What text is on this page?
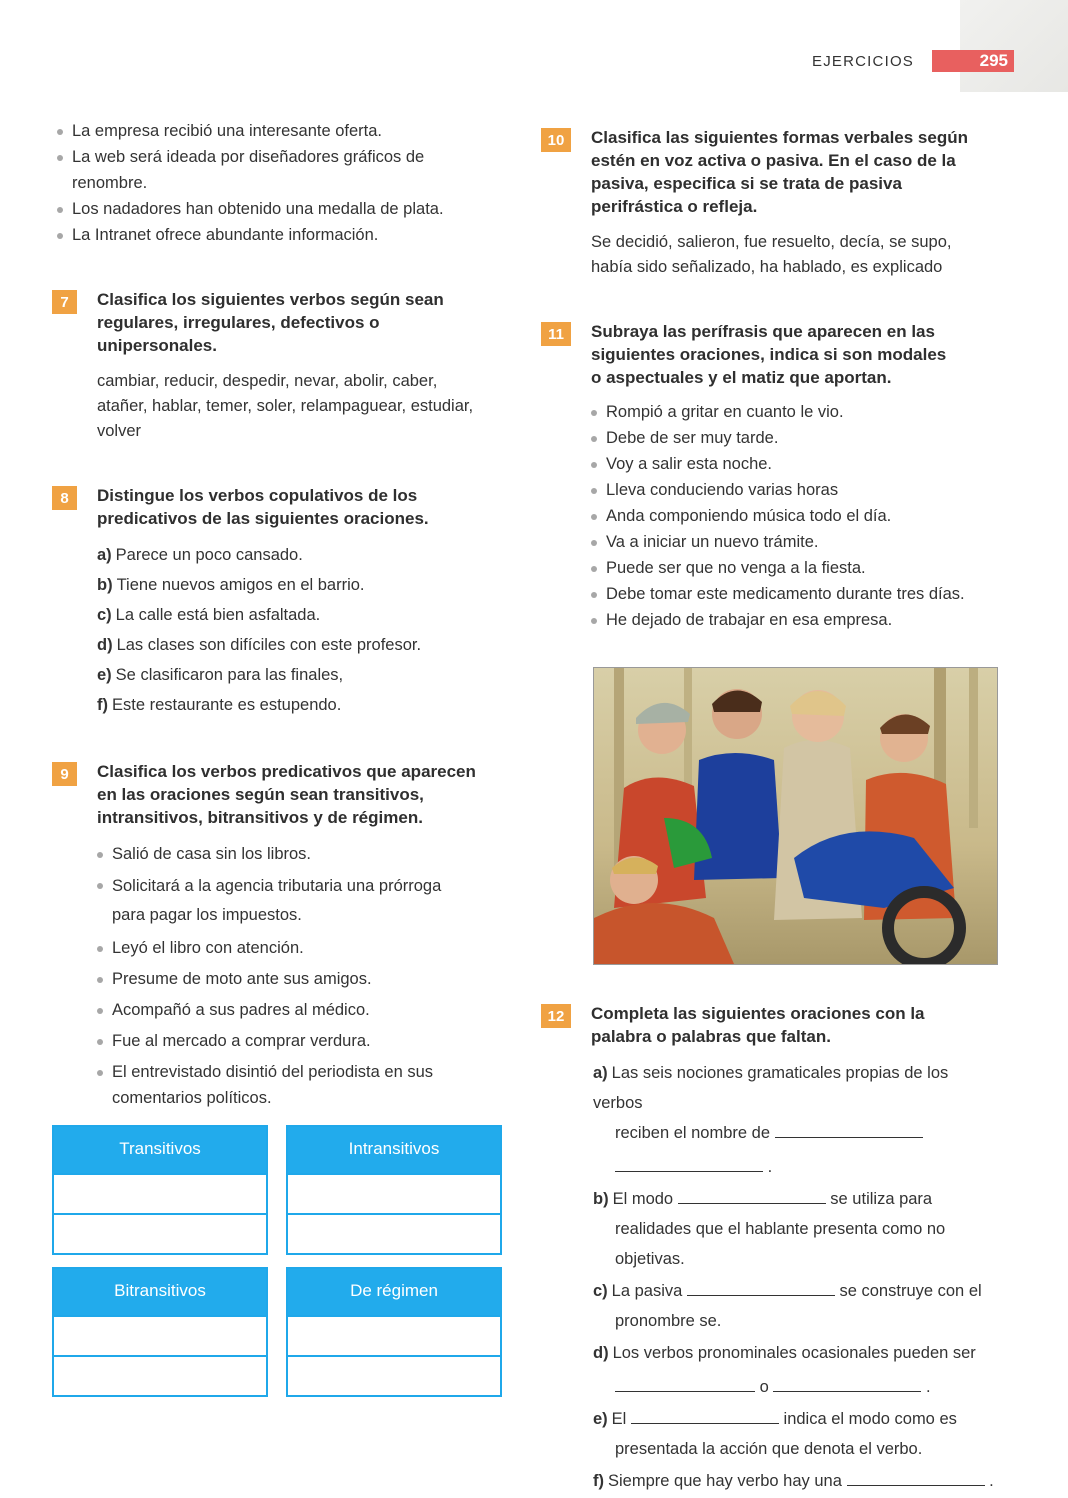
EJERCICIOS	295
La empresa recibió una interesante oferta.
La web será ideada por diseñadores gráficos de renombre.
Los nadadores han obtenido una medalla de plata.
La Intranet ofrece abundante información.
7	Clasifica los siguientes verbos según sean regulares, irregulares, defectivos o unipersonales.
cambiar, reducir, despedir, nevar, abolir, caber, atañer, hablar, temer, soler, relampaguear, estudiar, volver
8	Distingue los verbos copulativos de los predicativos de las siguientes oraciones.
a) Parece un poco cansado.
b) Tiene nuevos amigos en el barrio.
c) La calle está bien asfaltada.
d) Las clases son difíciles con este profesor.
e) Se clasificaron para las finales,
f) Este restaurante es estupendo.
9	Clasifica los verbos predicativos que aparecen en las oraciones según sean transitivos, intransitivos, bitransitivos y de régimen.
Salió de casa sin los libros.
Solicitará a la agencia tributaria una prórroga para pagar los impuestos.
Leyó el libro con atención.
Presume de moto ante sus amigos.
Acompañó a sus padres al médico.
Fue al mercado a comprar verdura.
El entrevistado disintió del periodista en sus comentarios políticos.
Transitivos	Intransitivos
Bitransitivos	De régimen
10	Clasifica las siguientes formas verbales según estén en voz activa o pasiva. En el caso de la pasiva, especifica si se trata de pasiva perifrástica o refleja.
Se decidió, salieron, fue resuelto, decía, se supo, había sido señalizado, ha hablado, es explicado
11	Subraya las perífrasis que aparecen en las siguientes oraciones, indica si son modales o aspectuales y el matiz que aportan.
Rompió a gritar en cuanto le vio.
Debe de ser muy tarde.
Voy a salir esta noche.
Lleva conduciendo varias horas
Anda componiendo música todo el día.
Va a iniciar un nuevo trámite.
Puede ser que no venga a la fiesta.
Debe tomar este medicamento durante tres días.
He dejado de trabajar en esa empresa.
12	Completa las siguientes oraciones con la palabra o palabras que faltan.
a) Las seis nociones gramaticales propias de los verbos
reciben el nombre de
.
b) El modo	se utiliza para
realidades que el hablante presenta como no
objetivas.
c) La pasiva	se construye con el
pronombre se.
d) Los verbos pronominales ocasionales pueden ser
o	.
e) El	indica el modo como es
presentada la acción que denota el verbo.
f) Siempre que hay verbo hay una	.
